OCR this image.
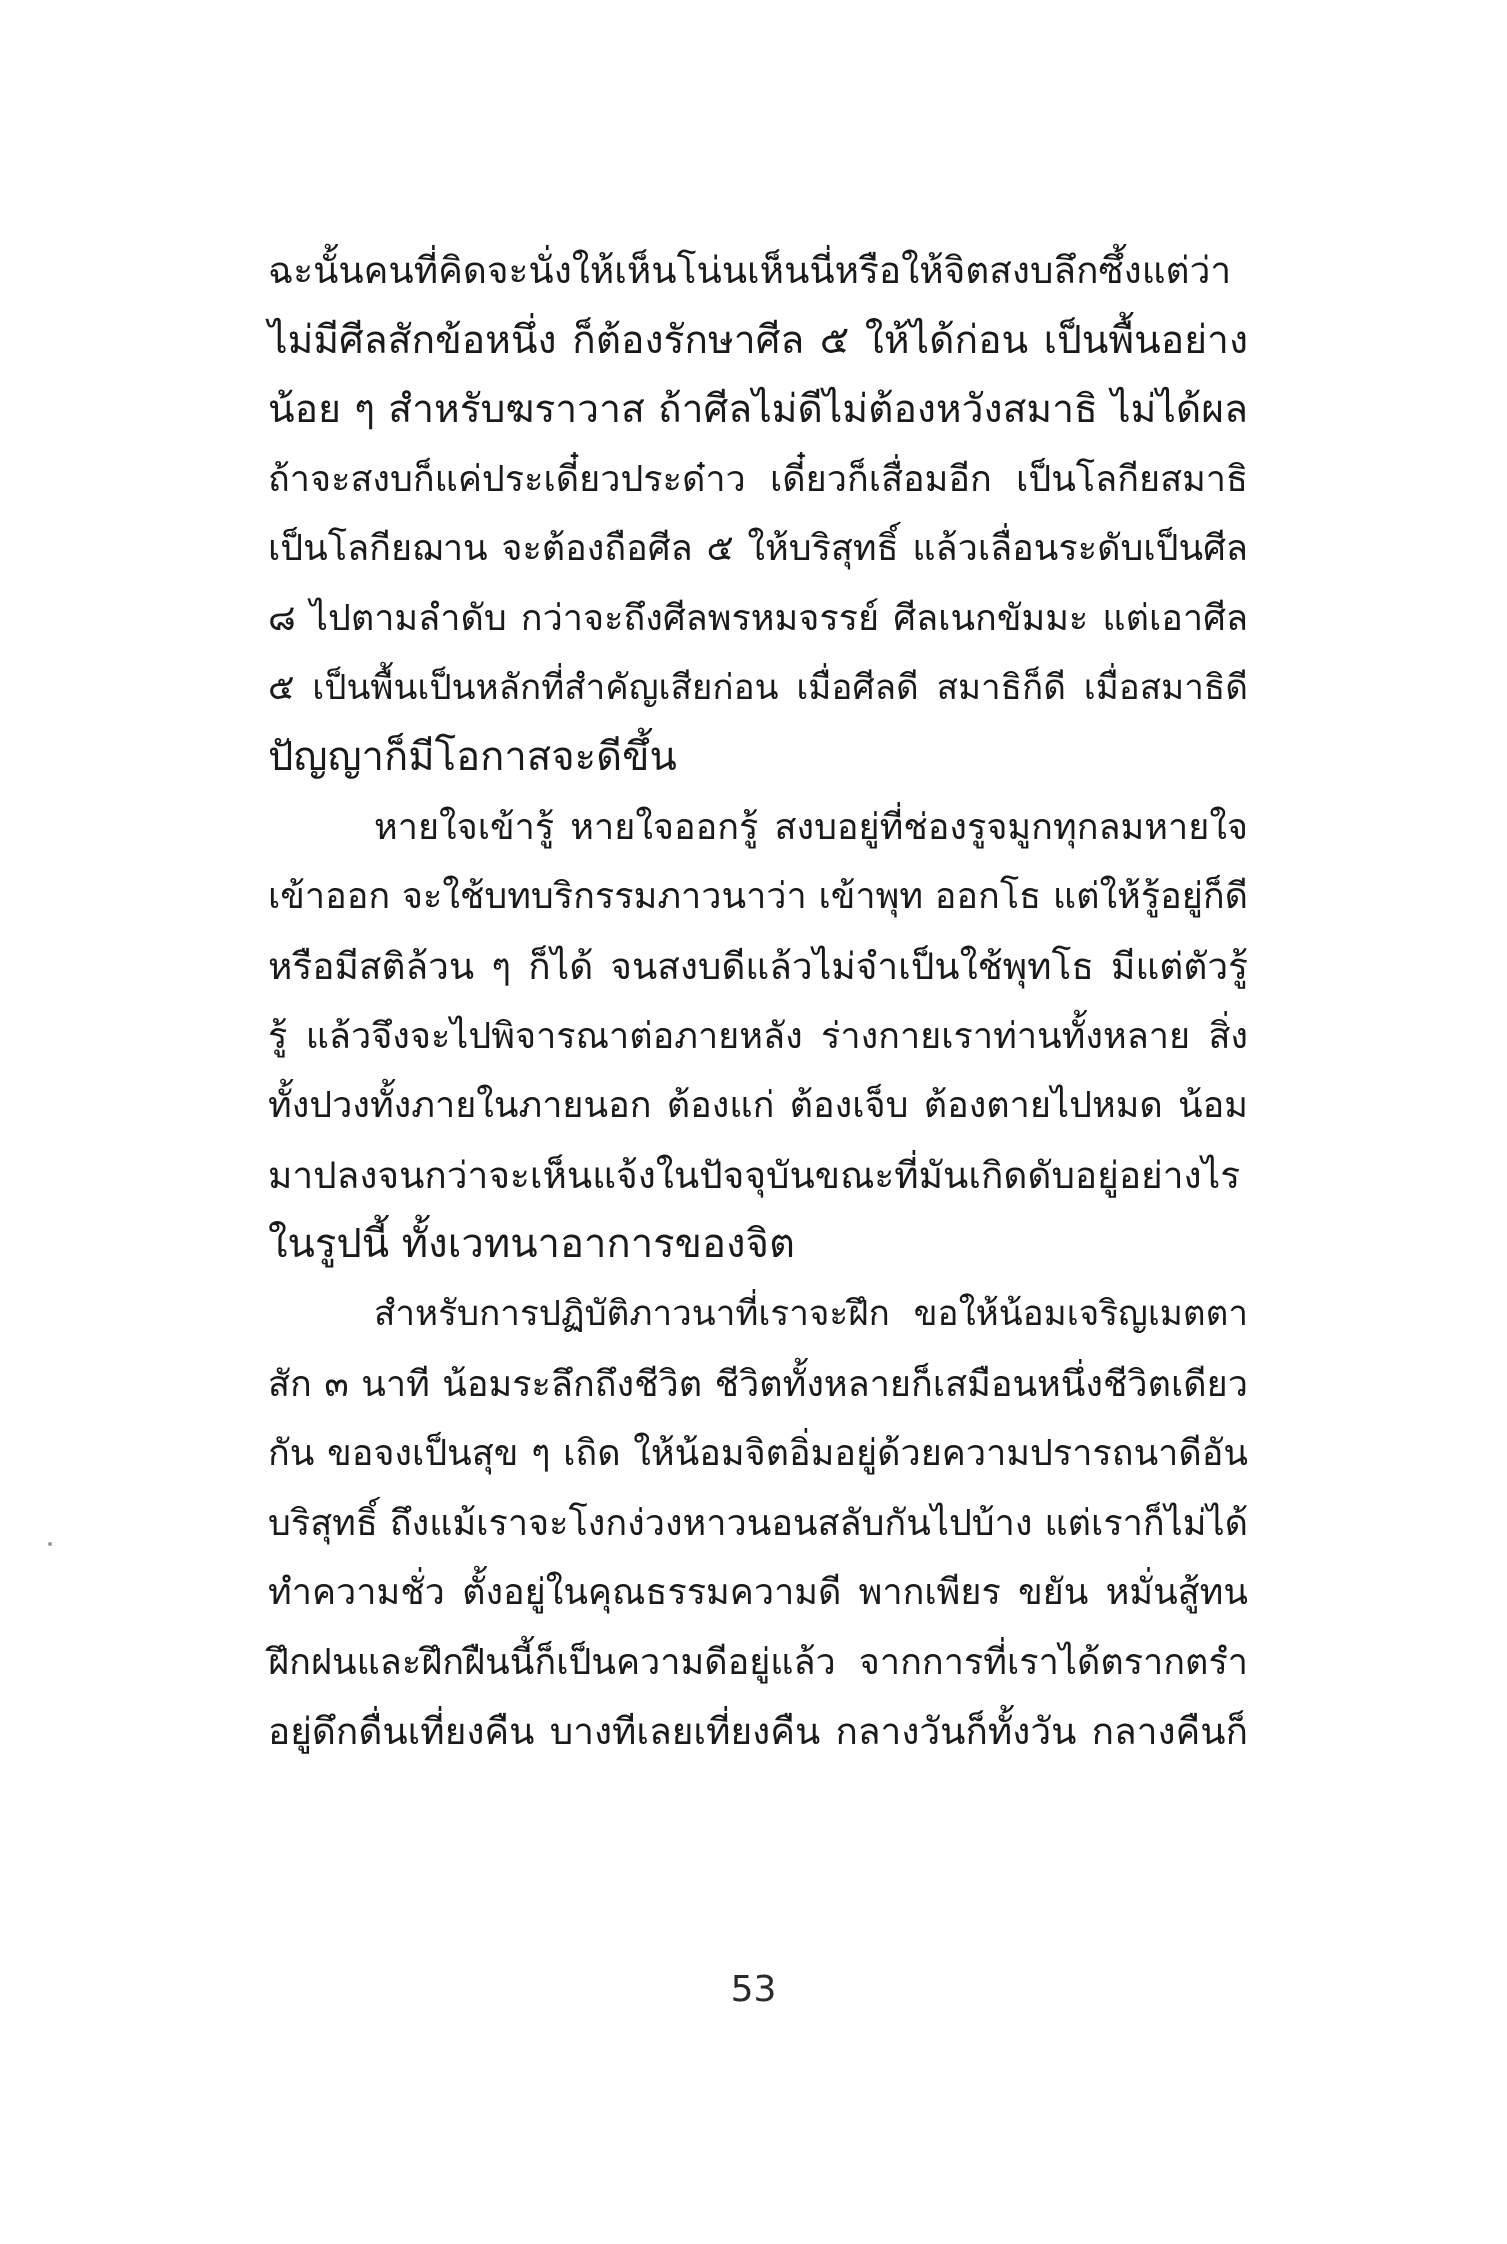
ฉะนั้นคนที่คิดจะนั่งให้เห็นโน่นเห็นนี่หรือให้จิตสงบลึกซึ้งแต่ว่า
ไม่มีศีลสักข้อหนึ่ง ก็ต้องรักษาศีล ๕ ให้ได้ก่อน เป็นพื้นอย่าง
น้อย ๆ สำหรับฆราวาส ถ้าศีลไม่ดีไม่ต้องหวังสมาธิ ไม่ได้ผล
ถ้าจะสงบก็แค่ประเดี๋ยวประด๋าว เดี๋ยวก็เสื่อมอีก เป็นโลกียสมาธิ
เป็นโลกียฌาน จะต้องถือศีล ๕ ให้บริสุทธิ์ แล้วเลื่อนระดับเป็นศีล
๘ ไปตามลำดับ กว่าจะถึงศีลพรหมจรรย์ ศีลเนกขัมมะ แต่เอาศีล
๕ เป็นพื้นเป็นหลักที่สำคัญเสียก่อน เมื่อศีลดี สมาธิก็ดี เมื่อสมาธิดี
ปัญญาก็มีโอกาสจะดีขึ้น
หายใจเข้ารู้ หายใจออกรู้ สงบอยู่ที่ช่องรูจมูกทุกลมหายใจ
เข้าออก จะใช้บทบริกรรมภาวนาว่า เข้าพุท ออกโธ แต่ให้รู้อยู่ก็ดี
หรือมีสติล้วน ๆ ก็ได้ จนสงบดีแล้วไม่จำเป็นใช้พุทโธ มีแต่ตัวรู้
รู้ แล้วจึงจะไปพิจารณาต่อภายหลัง ร่างกายเราท่านทั้งหลาย สิ่ง
ทั้งปวงทั้งภายในภายนอก ต้องแก่ ต้องเจ็บ ต้องตายไปหมด น้อม
มาปลงจนกว่าจะเห็นแจ้งในปัจจุบันขณะที่มันเกิดดับอยู่อย่างไร
ในรูปนี้ ทั้งเวทนาอาการของจิต
สำหรับการปฏิบัติภาวนาที่เราจะฝึก ขอให้น้อมเจริญเมตตา
สัก ๓ นาที น้อมระลึกถึงชีวิต ชีวิตทั้งหลายก็เสมือนหนึ่งชีวิตเดียว
กัน ขอจงเป็นสุข ๆ เถิด ให้น้อมจิตอิ่มอยู่ด้วยความปรารถนาดีอัน
บริสุทธิ์ ถึงแม้เราจะโงกง่วงหาวนอนสลับกันไปบ้าง แต่เราก็ไม่ได้
ทำความชั่ว ตั้งอยู่ในคุณธรรมความดี พากเพียร ขยัน หมั่นสู้ทน
ฝึกฝนและฝึกฝืนนี้ก็เป็นความดีอยู่แล้ว จากการที่เราได้ตรากตรำ
อยู่ดึกดื่นเที่ยงคืน บางทีเลยเที่ยงคืน กลางวันก็ทั้งวัน กลางคืนก็
53
